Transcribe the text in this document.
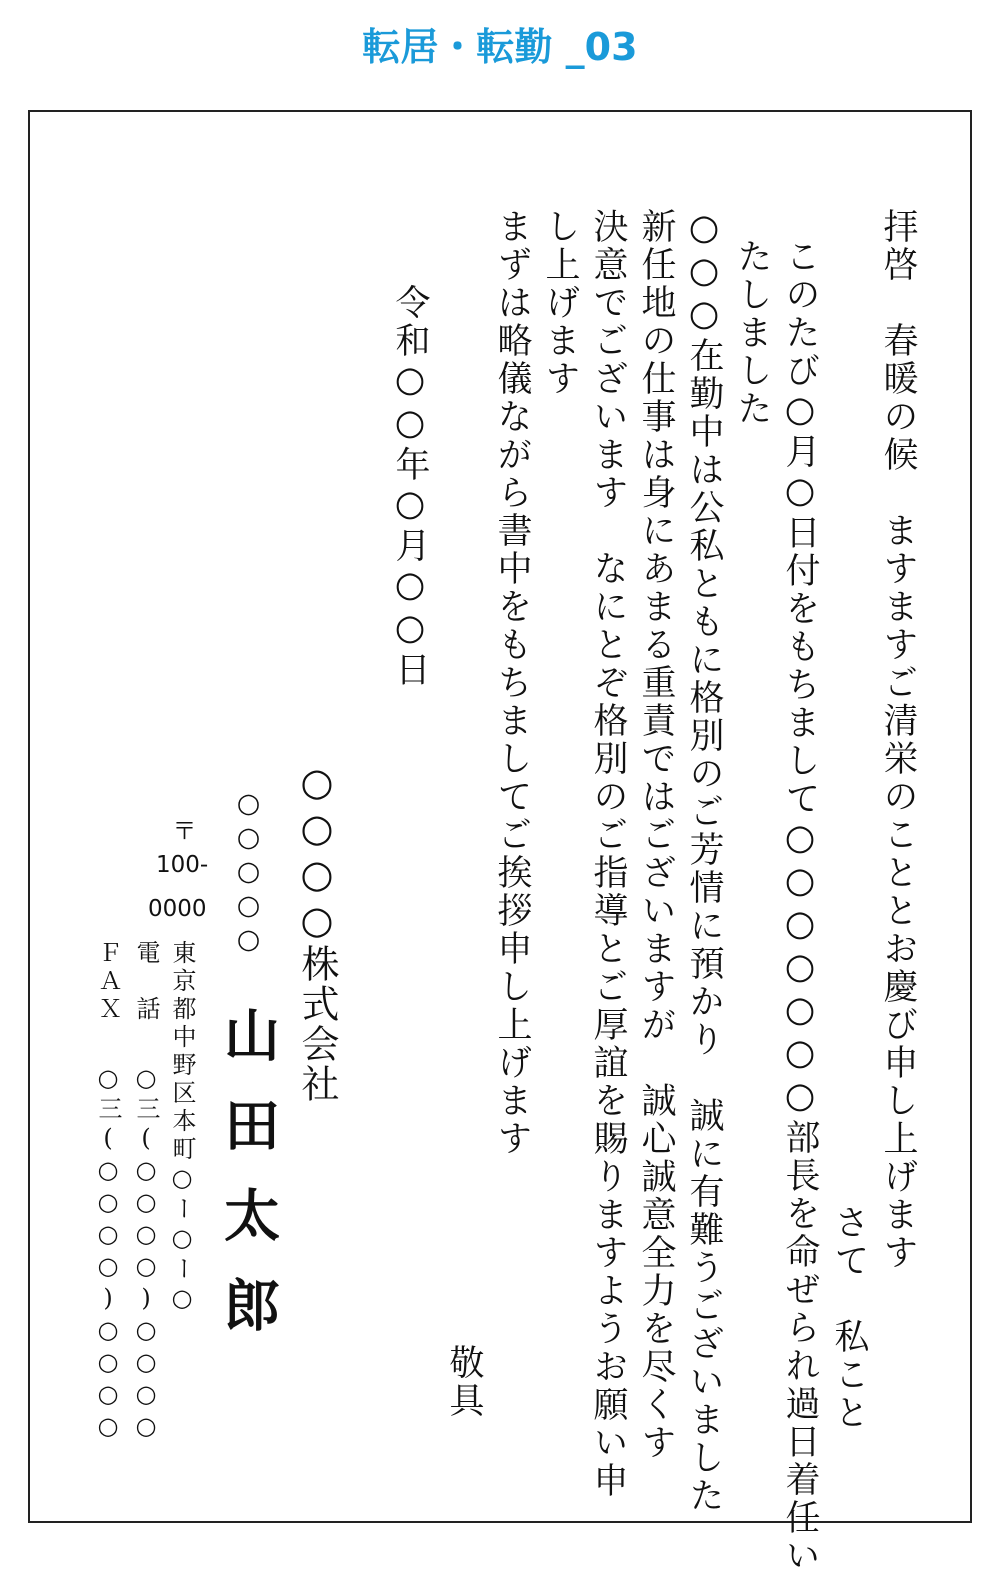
転居・転勤 _03
拝啓　春暖の候　ますますご清栄のこととお慶び申し上げます
このたび○月○日付をもちまして○○○○○○○部長を命ぜられ過日着任い さて　私こと
たしました
○○○在勤中は公私ともに格別のご芳情に預かり　誠に有難うございました
新任地の仕事は身にあまる重責ではございますが　誠心誠意全力を尽くす
決意でございます　なにとぞ格別のご指導とご厚誼を賜りますようお願い申
し上げます
まずは略儀ながら書中をもちましてご挨拶申し上げます
敬具
令和○○年○月○○日
○○○○株式会社
○○○○○
山田太郎
〒
100-
0000
東京都中野区本町○ー○ー○
電　話
○三(○○○○)○○○○
ＦＡＸ
○三(○○○○)○○○○
